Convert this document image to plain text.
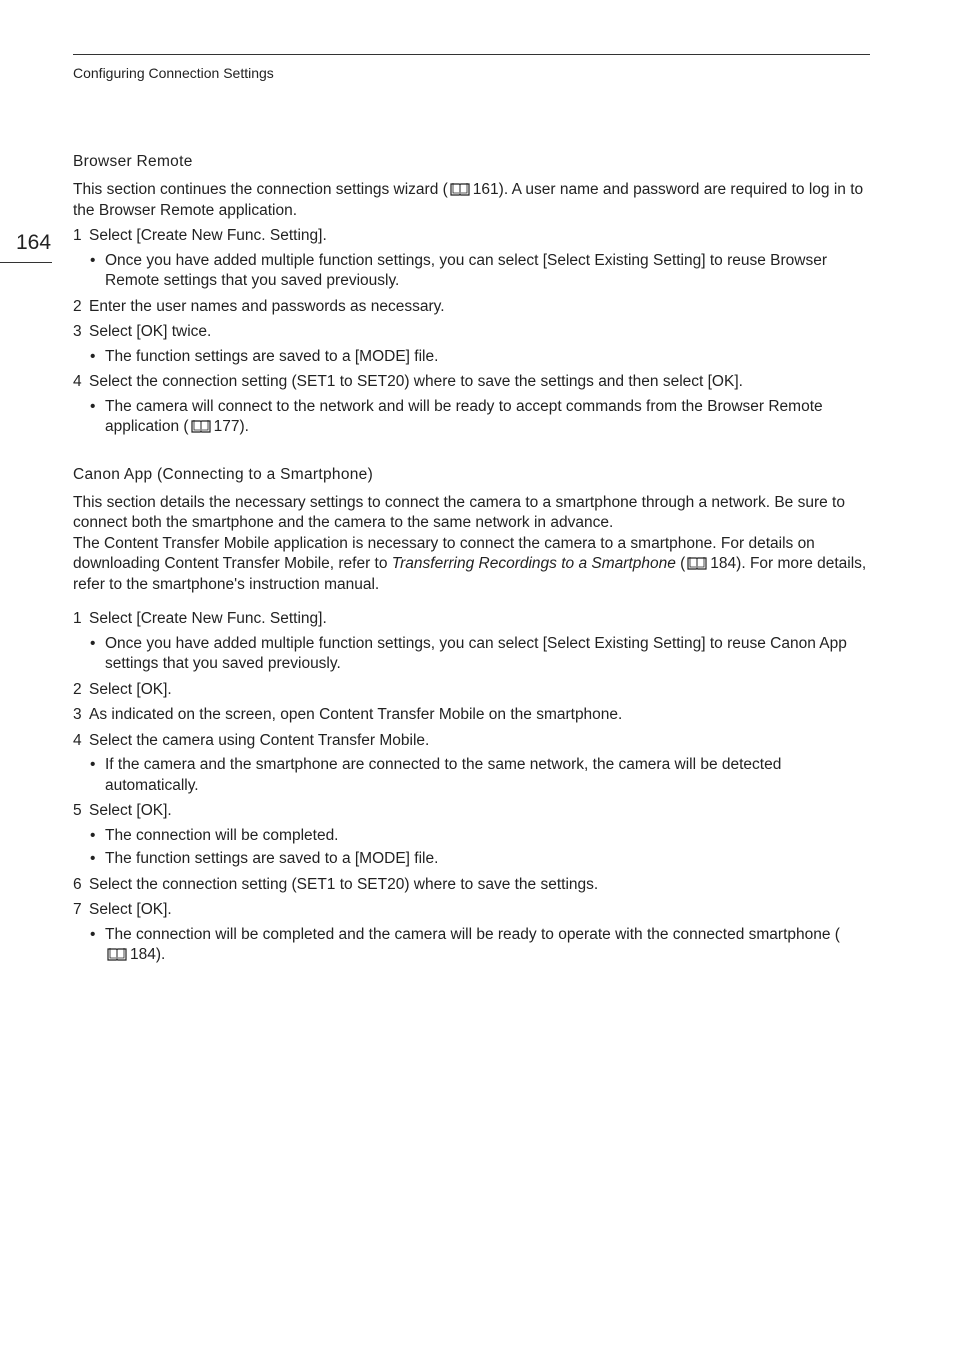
Configuring Connection Settings
164
Browser Remote

This section continues the connection settings wizard ( 161). A user name and password are required to log in to the Browser Remote application.

1 Select [Create New Func. Setting].
• Once you have added multiple function settings, you can select [Select Existing Setting] to reuse Browser Remote settings that you saved previously.
2 Enter the user names and passwords as necessary.
3 Select [OK] twice.
• The function settings are saved to a [MODE] file.
4 Select the connection setting (SET1 to SET20) where to save the settings and then select [OK].
• The camera will connect to the network and will be ready to accept commands from the Browser Remote application ( 177).
Canon App (Connecting to a Smartphone)

This section details the necessary settings to connect the camera to a smartphone through a network. Be sure to connect both the smartphone and the camera to the same network in advance.

The Content Transfer Mobile application is necessary to connect the camera to a smartphone. For details on downloading Content Transfer Mobile, refer to Transferring Recordings to a Smartphone ( 184). For more details, refer to the smartphone's instruction manual.

1 Select [Create New Func. Setting].
• Once you have added multiple function settings, you can select [Select Existing Setting] to reuse Canon App settings that you saved previously.
2 Select [OK].
3 As indicated on the screen, open Content Transfer Mobile on the smartphone.
4 Select the camera using Content Transfer Mobile.
• If the camera and the smartphone are connected to the same network, the camera will be detected automatically.
5 Select [OK].
• The connection will be completed.
• The function settings are saved to a [MODE] file.
6 Select the connection setting (SET1 to SET20) where to save the settings.
7 Select [OK].
• The connection will be completed and the camera will be ready to operate with the connected smartphone (184).
